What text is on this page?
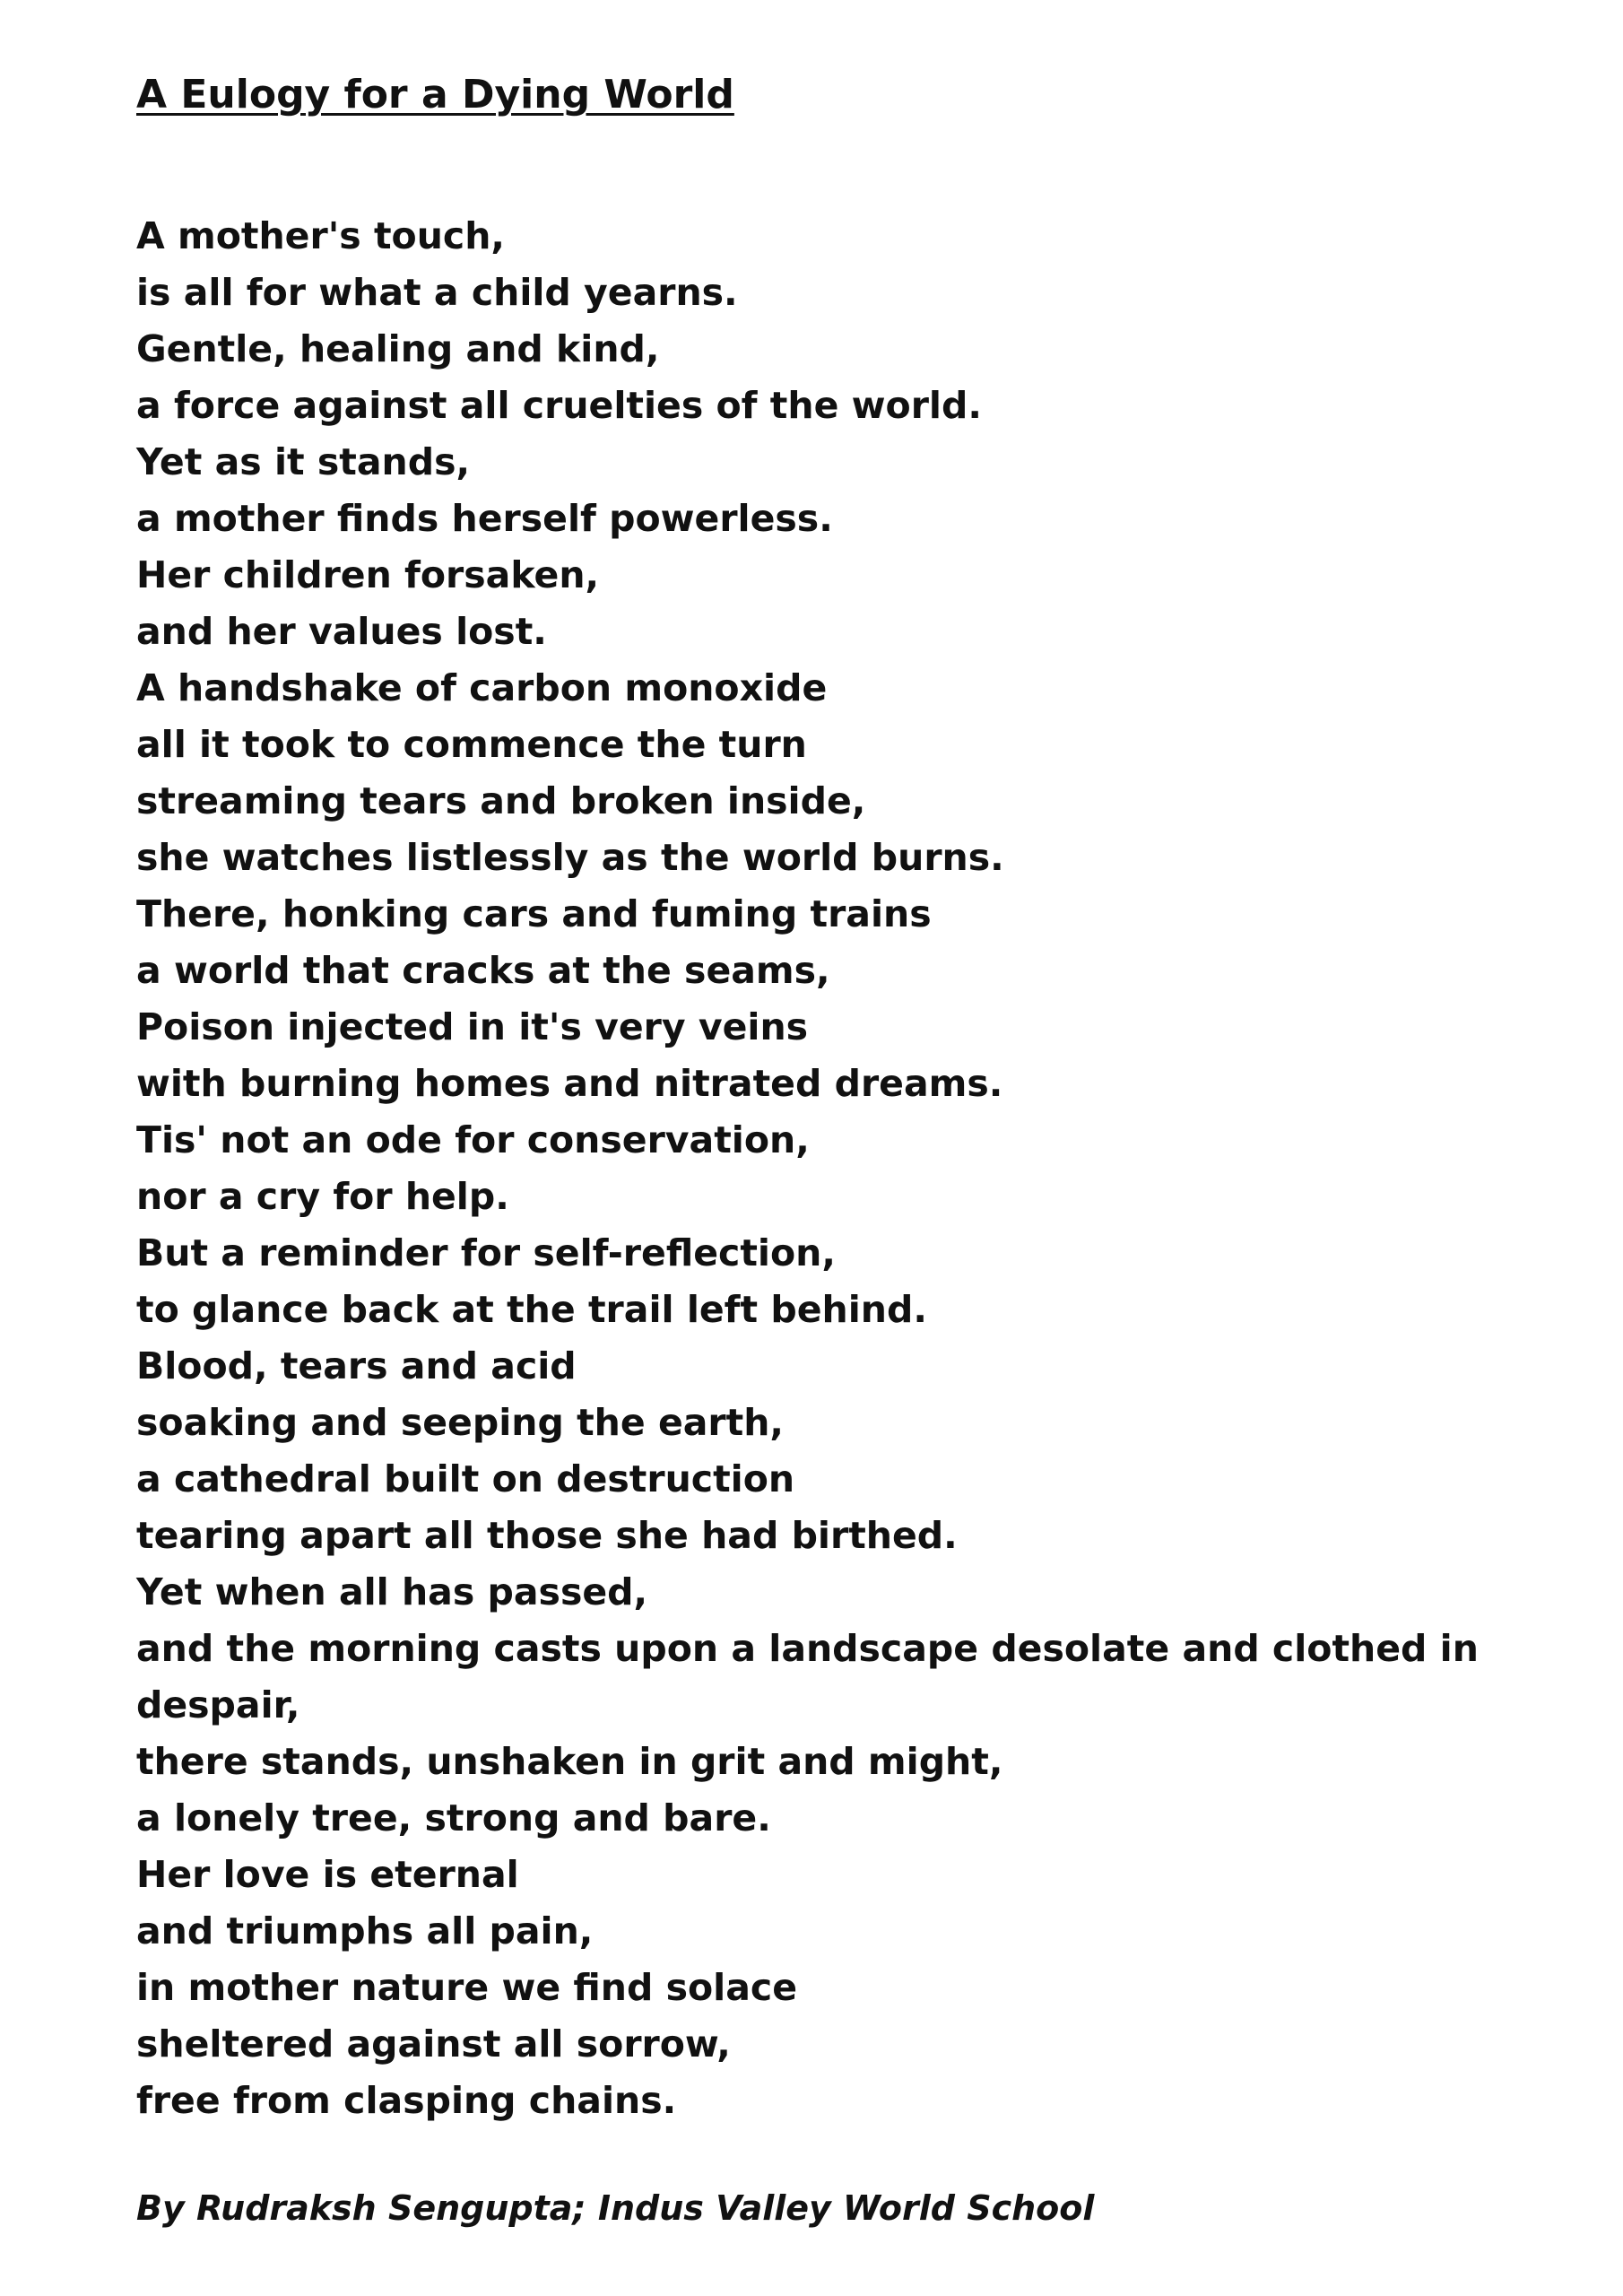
A Eulogy for a Dying World
A mother's touch,
is all for what a child yearns.
Gentle, healing and kind,
a force against all cruelties of the world.
Yet as it stands,
a mother finds herself powerless.
Her children forsaken,
and her values lost.
A handshake of carbon monoxide
all it took to commence the turn
streaming tears and broken inside,
she watches listlessly as the world burns.
There, honking cars and fuming trains
a world that cracks at the seams,
Poison injected in it's very veins
with burning homes and nitrated dreams.
Tis' not an ode for conservation,
nor a cry for help.
But a reminder for self-reflection,
to glance back at the trail left behind.
Blood, tears and acid
soaking and seeping the earth,
a cathedral built on destruction
tearing apart all those she had birthed.
Yet when all has passed,
and the morning casts upon a landscape desolate and clothed in
despair,
there stands, unshaken in grit and might,
a lonely tree, strong and bare.
Her love is eternal
and triumphs all pain,
in mother nature we find solace
sheltered against all sorrow,
free from clasping chains.

By Rudraksh Sengupta; Indus Valley World School
